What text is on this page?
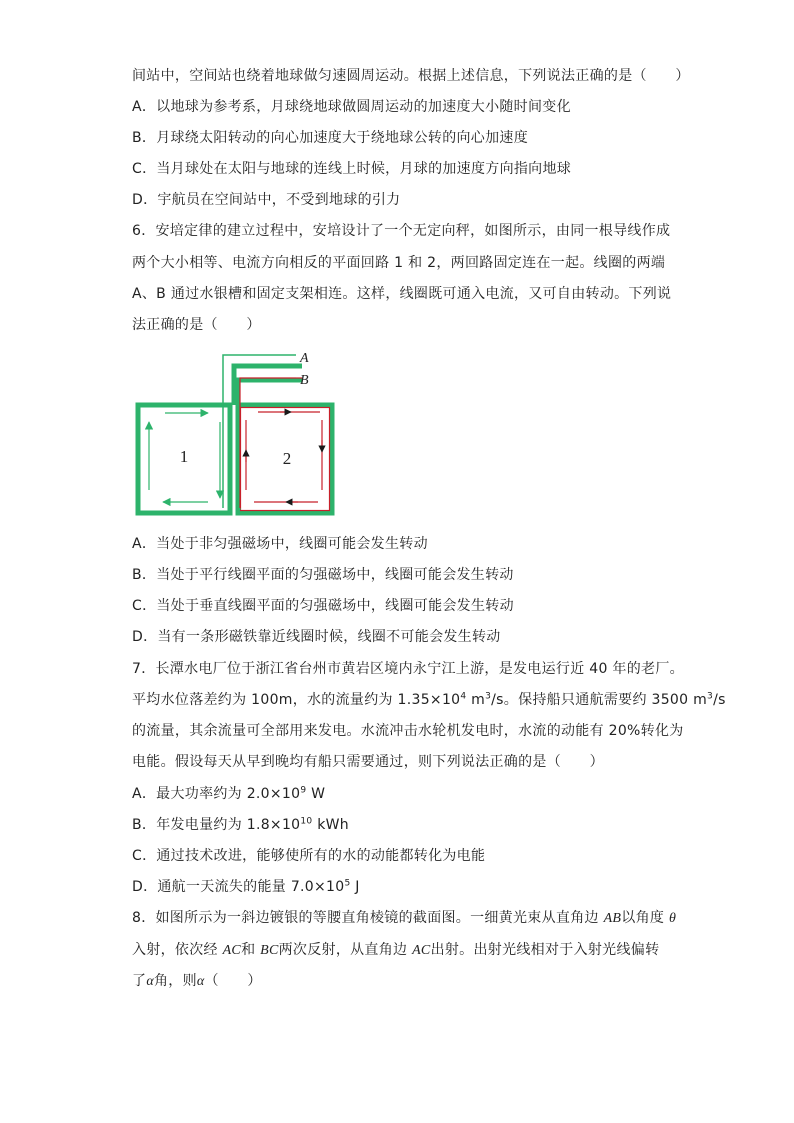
间站中，空间站也绕着地球做匀速圆周运动。根据上述信息，下列说法正确的是（　　）
A．以地球为参考系，月球绕地球做圆周运动的加速度大小随时间变化
B．月球绕太阳转动的向心加速度大于绕地球公转的向心加速度
C．当月球处在太阳与地球的连线上时候，月球的加速度方向指向地球
D．宇航员在空间站中，不受到地球的引力
6．安培定律的建立过程中，安培设计了一个无定向秤，如图所示，由同一根导线作成
两个大小相等、电流方向相反的平面回路 1 和 2，两回路固定连在一起。线圈的两端
A、B 通过水银槽和固定支架相连。这样，线圈既可通入电流，又可自由转动。下列说
法正确的是（　　）
1	2
A
B
A．当处于非匀强磁场中，线圈可能会发生转动
B．当处于平行线圈平面的匀强磁场中，线圈可能会发生转动
C．当处于垂直线圈平面的匀强磁场中，线圈可能会发生转动
D．当有一条形磁铁靠近线圈时候，线圈不可能会发生转动
7．长潭水电厂位于浙江省台州市黄岩区境内永宁江上游，是发电运行近 40 年的老厂。
平均水位落差约为 100m，水的流量约为 $1.35\times 10^4$ $m^3/s$。保持船只通航需要约 3500 $m^3/s$
的流量，其余流量可全部用来发电。水流冲击水轮机发电时，水流的动能有 20%转化为
电能。假设每天从早到晚均有船只需要通过，则下列说法正确的是（　　）
A．最大功率约为 $2.0\times 10^9$ W
B．年发电量约为 $1.8\times 10^{10}$ kWh
C．通过技术改进，能够使所有的水的动能都转化为电能
D．通航一天流失的能量 $7.0\times 10^5$ J
8．如图所示为一斜边镀银的等腰直角棱镜的截面图。一细黄光束从直角边 AB以角度 θ
入射，依次经 AC和 BC两次反射，从直角边 AC出射。出射光线相对于入射光线偏转
了α角，则α（　　）
